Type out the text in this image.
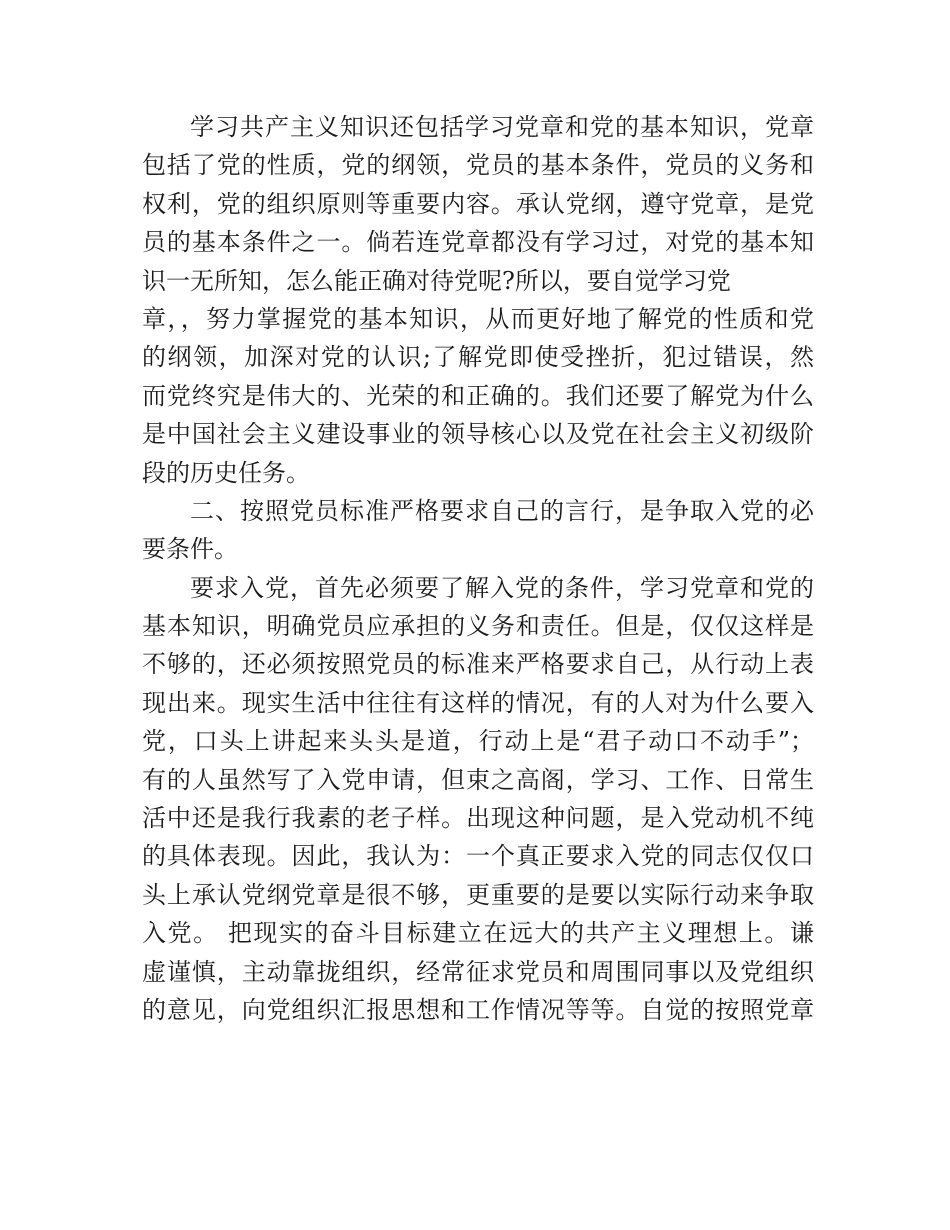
学习共产主义知识还包括学习党章和党的基本知识，党章
包括了党的性质，党的纲领，党员的基本条件，党员的义务和
权利，党的组织原则等重要内容。承认党纲，遵守党章，是党
员的基本条件之一。倘若连党章都没有学习过，对党的基本知
识一无所知，怎么能正确对待党呢?所以，要自觉学习党
章，，努力掌握党的基本知识，从而更好地了解党的性质和党
的纲领，加深对党的认识;了解党即使受挫折，犯过错误，然
而党终究是伟大的、光荣的和正确的。我们还要了解党为什么
是中国社会主义建设事业的领导核心以及党在社会主义初级阶
段的历史任务。
二、按照党员标准严格要求自己的言行，是争取入党的必
要条件。
要求入党，首先必须要了解入党的条件，学习党章和党的
基本知识，明确党员应承担的义务和责任。但是，仅仅这样是
不够的，还必须按照党员的标准来严格要求自己，从行动上表
现出来。现实生活中往往有这样的情况，有的人对为什么要入
党，口头上讲起来头头是道，行动上是“君子动口不动手”；
有的人虽然写了入党申请，但束之高阁，学习、工作、日常生
活中还是我行我素的老子样。出现这种问题，是入党动机不纯
的具体表现。因此，我认为：一个真正要求入党的同志仅仅口
头上承认党纲党章是很不够，更重要的是要以实际行动来争取
入党。 把现实的奋斗目标建立在远大的共产主义理想上。谦
虚谨慎，主动靠拢组织，经常征求党员和周围同事以及党组织
的意见，向党组织汇报思想和工作情况等等。自觉的按照党章
